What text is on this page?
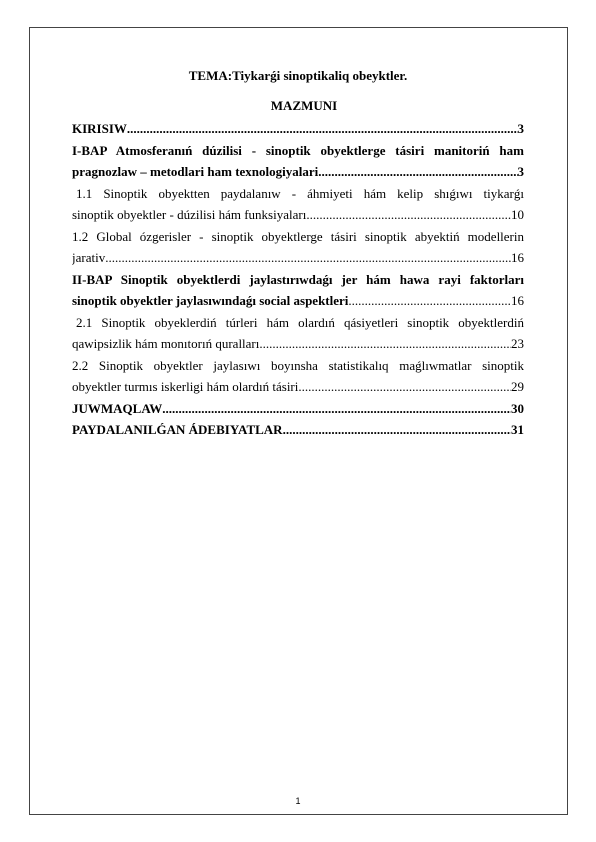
TEMA:Tiykarǵi sinoptikaliq obeyktler.
MAZMUNI
KIRISIW .....	3
I-BAP Atmosferanıń dúzilisi - sinoptik obyektlerge tásiri manitoriń ham
pragnozlaw – metodlari ham texnologiyalari .....	3
1.1 Sinoptik obyektten paydalanıw - áhmiyeti hám kelip shıǵıwı tiykarǵı
sinoptik obyektler - dúzilisi hám funksiyaları .....	10
1.2 Global ózgerisler - sinoptik obyektlerge tásiri sinoptik abyektiń modellerin
jarativ .....	16
II-BAP Sinoptik obyektlerdi jaylastırıwdaǵı jer hám hawa rayi faktorları
sinoptik obyektler jaylasıwındaǵı social aspektleri .....	16
2.1 Sinoptik obyeklerdiń túrleri hám olardıń qásiyetleri sinoptik obyektlerdiń
qawipsizlik hám monıtorıń quralları .....	23
2.2 Sinoptik obyektler jaylasıwı boyınsha statistikalıq maǵlıwmatlar sinoptik
obyektler turmıs iskerligi hám olardıń tásiri .....	29
JUWMAQLAW .....	30
PAYDALANILǴAN ÁDEBIYATLAR .....	31
1
